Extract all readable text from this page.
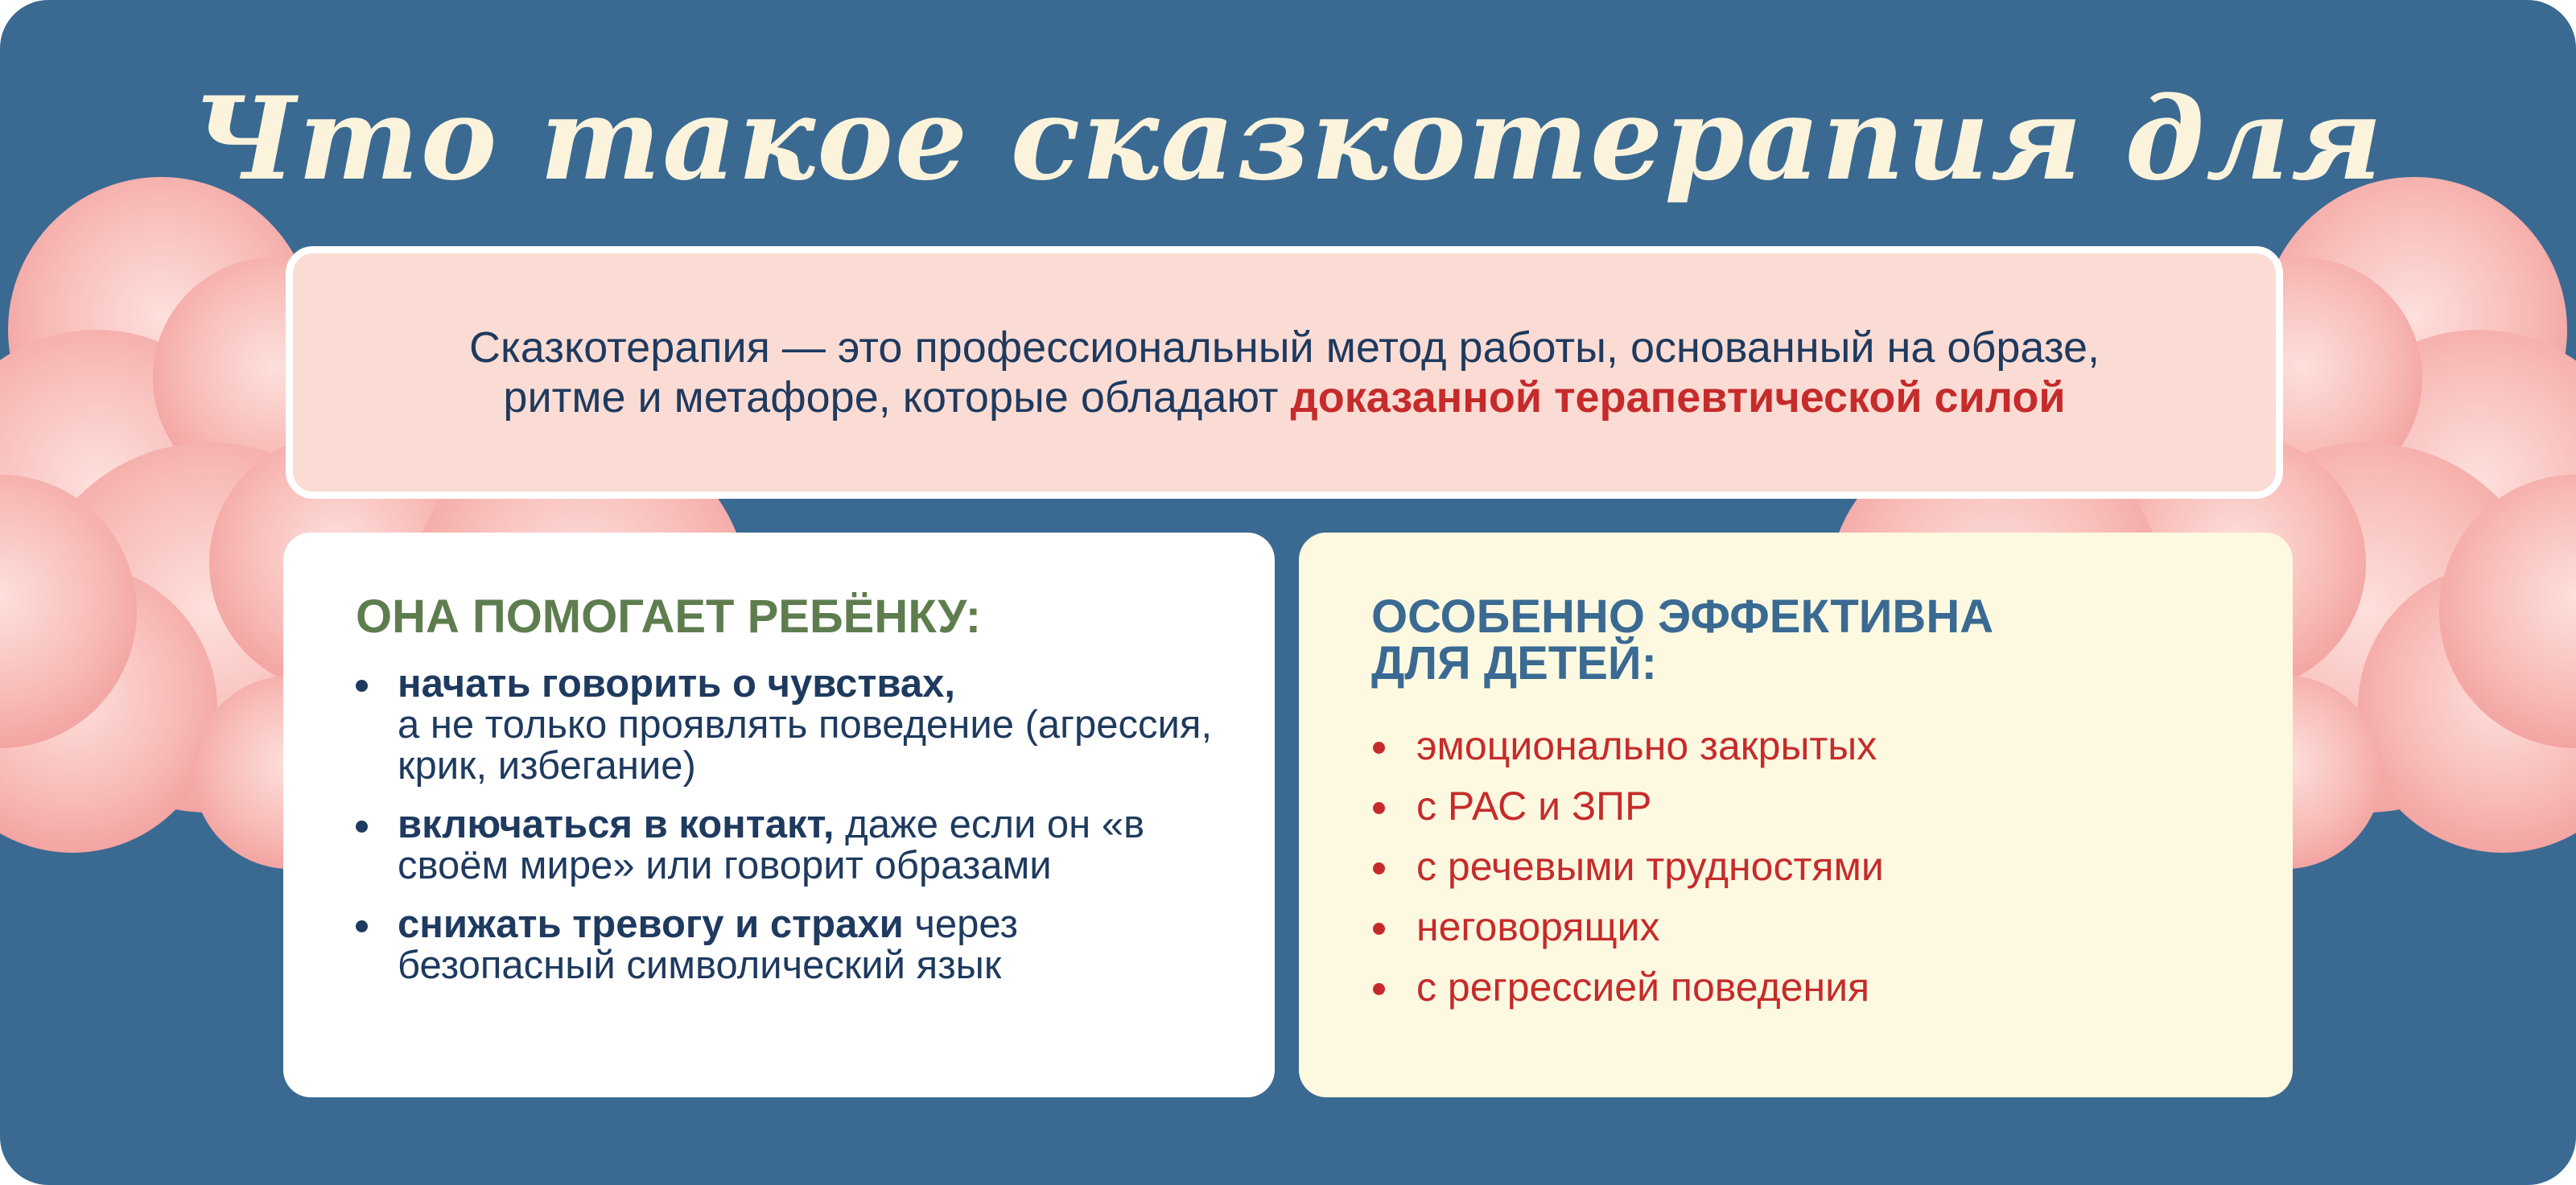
Что такое сказкотерапия для
Сказкотерапия — это профессиональный метод работы, основанный на образе, ритме и метафоре, которые обладают доказанной терапевтической силой
ОНА ПОМОГАЕТ РЕБЁНКУ:
начать говорить о чувствах,
а не только проявлять поведение (агрессия, крик, избегание)
включаться в контакт, даже если он «в своём мире» или говорит образами
снижать тревогу и страхи через безопасный символический язык
ОСОБЕННО ЭФФЕКТИВНА
ДЛЯ ДЕТЕЙ:
эмоционально закрытых
с РАС и ЗПР
с речевыми трудностями
неговорящих
с регрессией поведения
